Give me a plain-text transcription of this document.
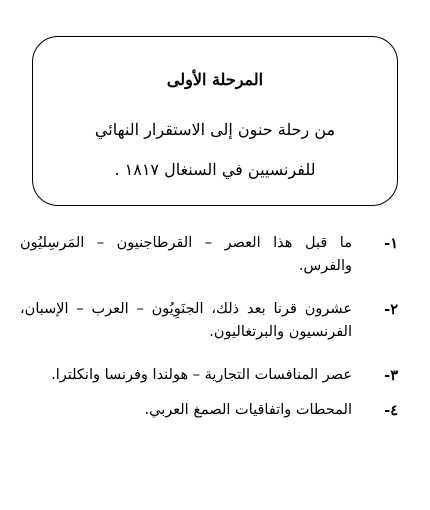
المرحلة الأولى
من رحلة حنون إلى الاستقرار النهائي
للفرنسيين في السنغال ١٨١٧ .
١-
ما قبل هذا العصر – القرطاجنيون – المَرسِليُون والفرس.
٢-
عشرون قرنا بعد ذلك، الجنَوِيُون – العرب – الإسبان، الفرنسيون والبرتغاليون.
٣-
عصر المنافسات التجارية – هولندا وفرنسا وانكلترا.
٤-
المحطات واتفاقيات الصمغ العربي.
